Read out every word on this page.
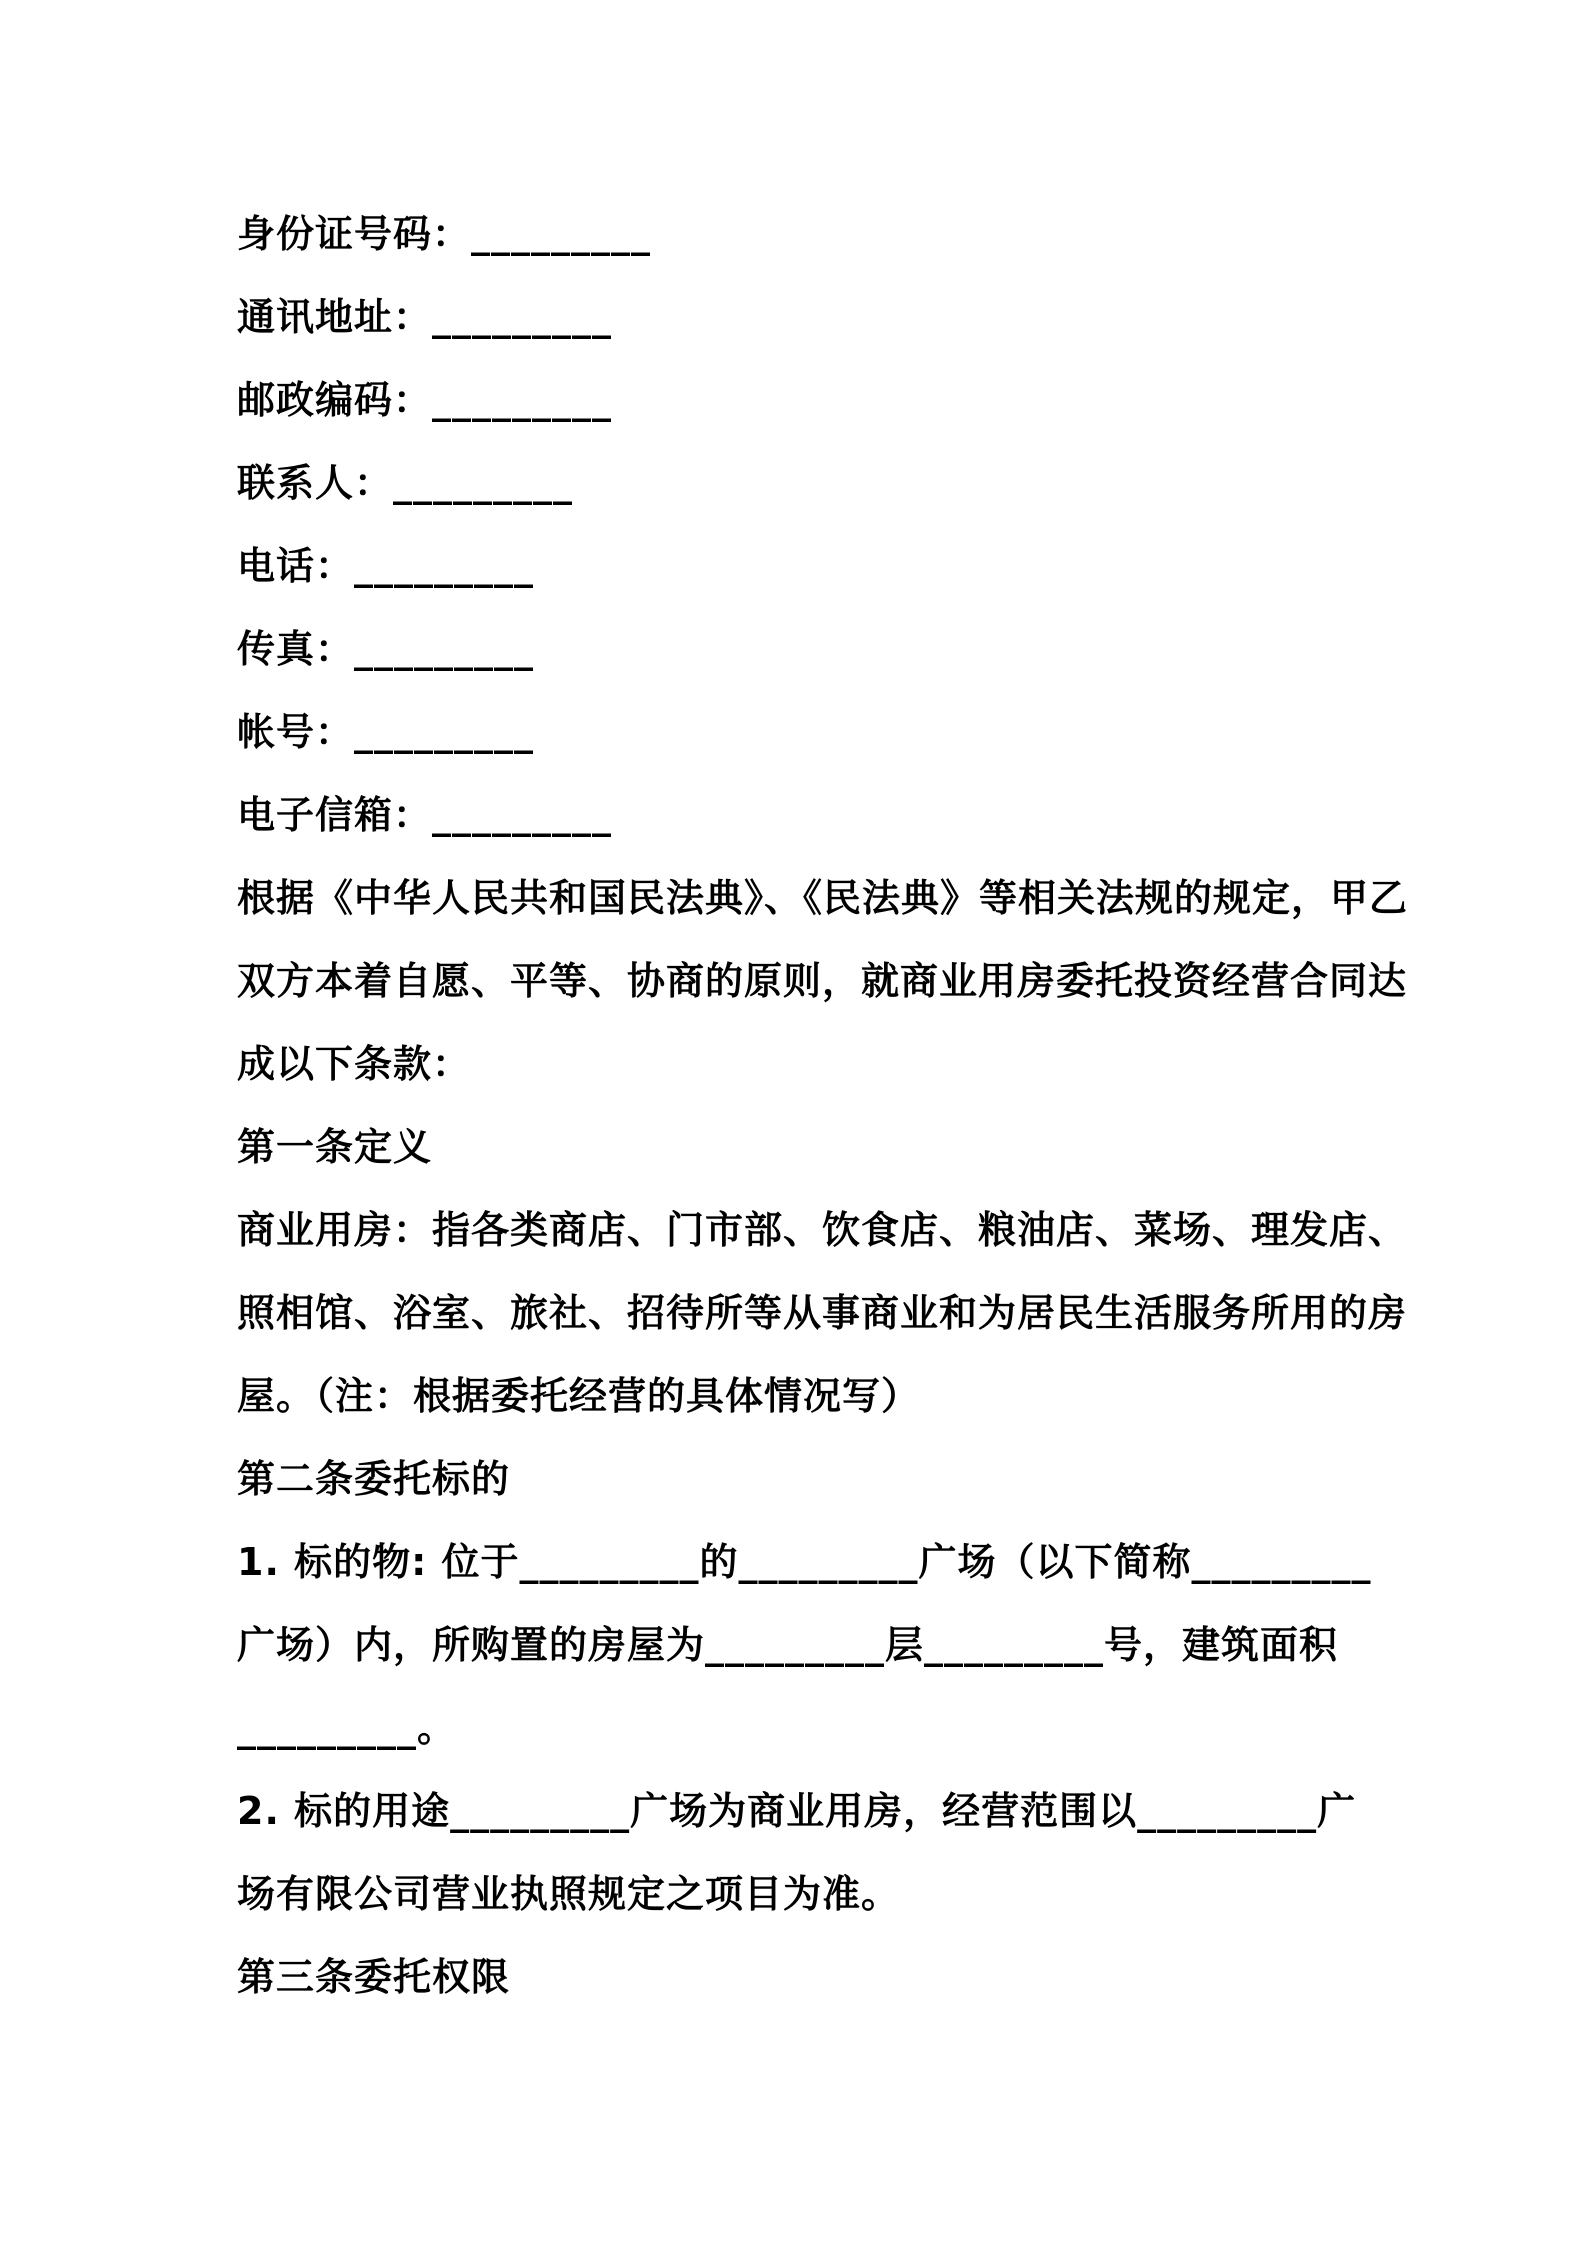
身份证号码：_________
通讯地址：_________
邮政编码：_________
联系人：_________
电话：_________
传真：_________
帐号：_________
电子信箱：_________
根据《中华人民共和国民法典》、《民法典》等相关法规的规定，甲乙
双方本着自愿、平等、协商的原则，就商业用房委托投资经营合同达
成以下条款：
第一条定义
商业用房：指各类商店、门市部、饮食店、粮油店、菜场、理发店、
照相馆、浴室、旅社、招待所等从事商业和为居民生活服务所用的房
屋。（注：根据委托经营的具体情况写）
第二条委托标的
1. 标的物: 位于_________的_________广场（以下简称_________
广场）内，所购置的房屋为_________层_________号，建筑面积
_________。
2. 标的用途_________广场为商业用房，经营范围以_________广
场有限公司营业执照规定之项目为准。
第三条委托权限
